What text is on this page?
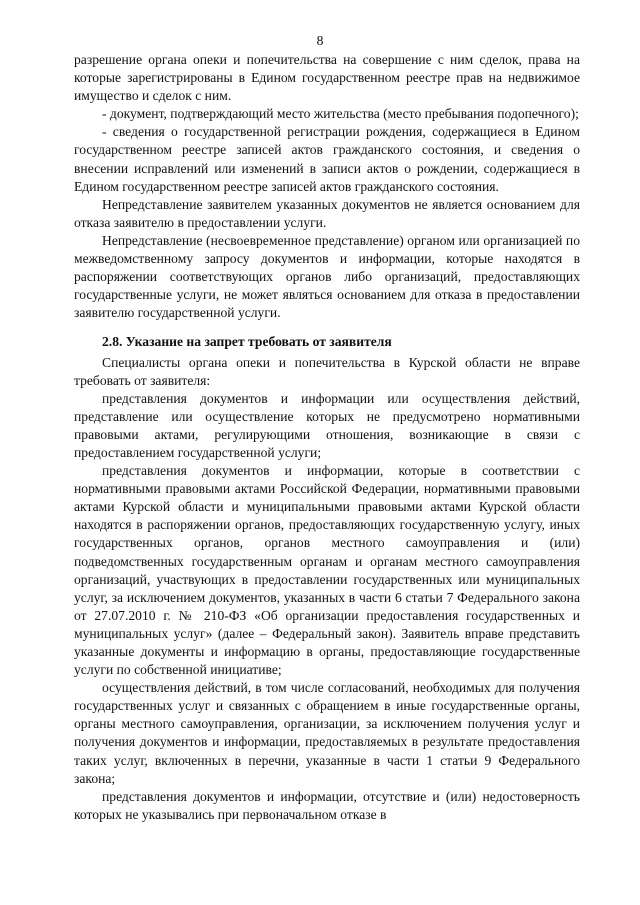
8

разрешение органа опеки и попечительства на совершение с ним сделок, права на которые зарегистрированы в Едином государственном реестре прав на недвижимое имущество и сделок с ним.

- документ, подтверждающий место жительства (место пребывания подопечного);

- сведения о государственной регистрации рождения, содержащиеся в Едином государственном реестре записей актов гражданского состояния, и сведения о внесении исправлений или изменений в записи актов о рождении, содержащиеся в Едином государственном реестре записей актов гражданского состояния.

Непредставление заявителем указанных документов не является основанием для отказа заявителю в предоставлении услуги.

Непредставление (несвоевременное представление) органом или организацией по межведомственному запросу документов и информации, которые находятся в распоряжении соответствующих органов либо организаций, предоставляющих государственные услуги, не может являться основанием для отказа в предоставлении заявителю государственной услуги.

2.8. Указание на запрет требовать от заявителя

Специалисты органа опеки и попечительства в Курской области не вправе требовать от заявителя:

представления документов и информации или осуществления действий, представление или осуществление которых не предусмотрено нормативными правовыми актами, регулирующими отношения, возникающие в связи с предоставлением государственной услуги;

представления документов и информации, которые в соответствии с нормативными правовыми актами Российской Федерации, нормативными правовыми актами Курской области и муниципальными правовыми актами Курской области находятся в распоряжении органов, предоставляющих государственную услугу, иных государственных органов, органов местного самоуправления и (или) подведомственных государственным органам и органам местного самоуправления организаций, участвующих в предоставлении государственных или муниципальных услуг, за исключением документов, указанных в части 6 статьи 7 Федерального закона от 27.07.2010 г. № 210-ФЗ «Об организации предоставления государственных и муниципальных услуг» (далее – Федеральный закон). Заявитель вправе представить указанные документы и информацию в органы, предоставляющие государственные услуги по собственной инициативе;

осуществления действий, в том числе согласований, необходимых для получения государственных услуг и связанных с обращением в иные государственные органы, органы местного самоуправления, организации, за исключением получения услуг и получения документов и информации, предоставляемых в результате предоставления таких услуг, включенных в перечни, указанные в части 1 статьи 9 Федерального закона;

представления документов и информации, отсутствие и (или) недостоверность которых не указывались при первоначальном отказе в
